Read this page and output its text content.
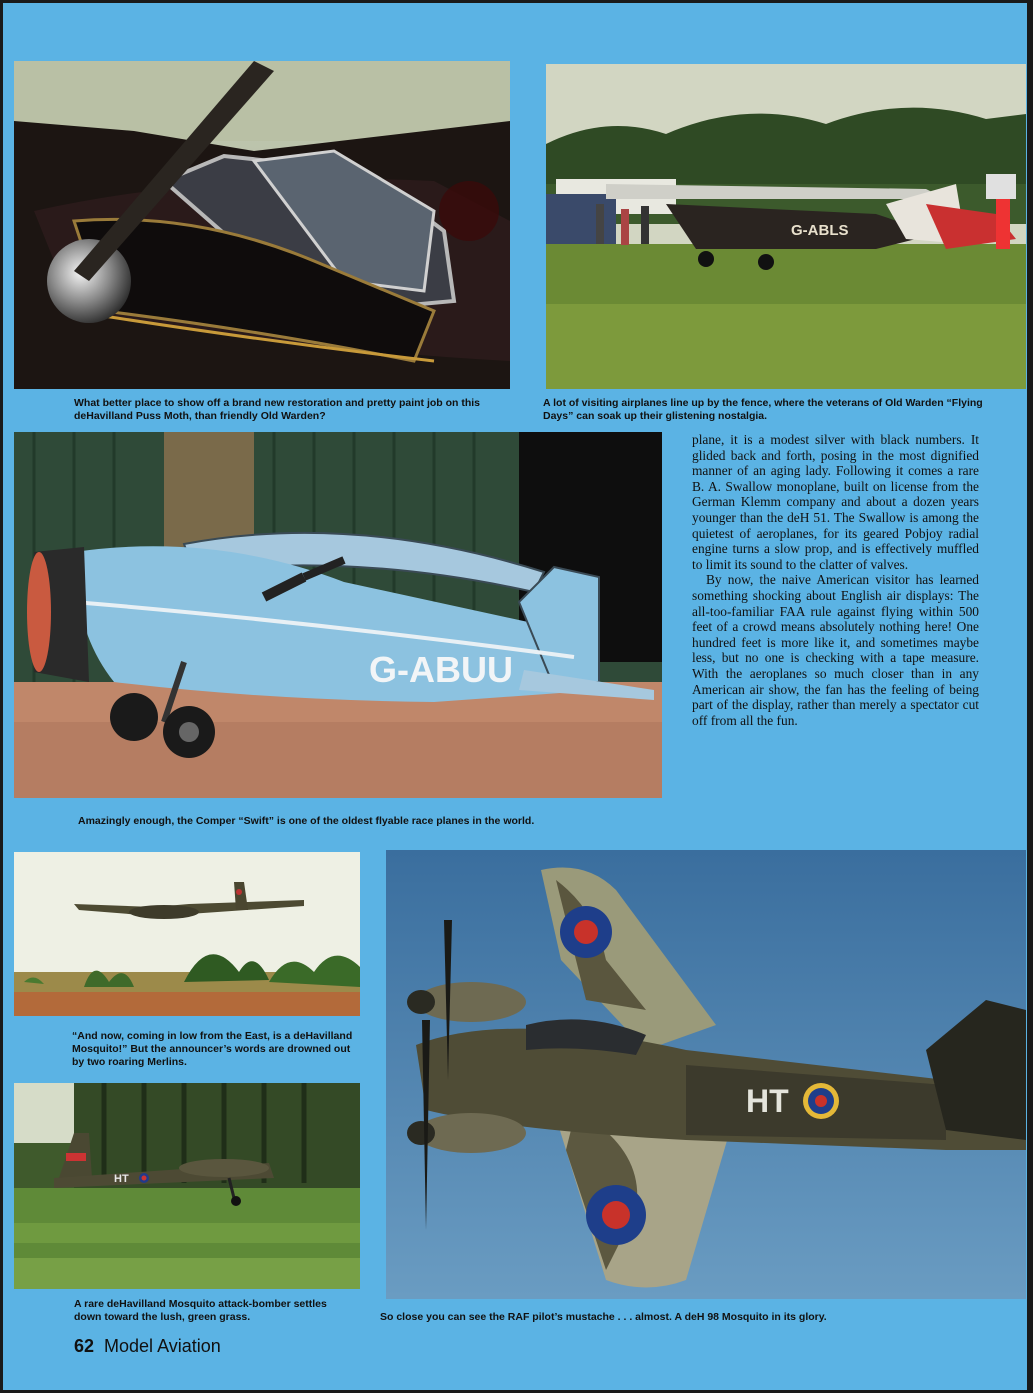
G-ABLS
What better place to show off a brand new restoration and pretty paint job on this deHavilland Puss Moth, than friendly Old Warden?
A lot of visiting airplanes line up by the fence, where the veterans of Old Warden “Flying Days” can soak up their glistening nostalgia.
G-ABUU
Amazingly enough, the Comper “Swift” is one of the oldest flyable race planes in the world.

plane, it is a modest silver with black numbers. It glided back and forth, posing in the most dignified manner of an aging lady. Following it comes a rare B. A. Swallow monoplane, built on license from the German Klemm company and about a dozen years younger than the deH 51. The Swallow is among the quietest of aeroplanes, for its geared Pobjoy radial engine turns a slow prop, and is effectively muffled to limit its sound to the clatter of valves.

By now, the naive American visitor has learned something shocking about English air displays: The all-too-familiar FAA rule against flying within 500 feet of a crowd means absolutely nothing here! One hundred feet is more like it, and sometimes maybe less, but no one is checking with a tape measure. With the aeroplanes so much closer than in any American air show, the fan has the feeling of being part of the display, rather than merely a spectator cut off from all the fun.

“And now, coming in low from the East, is a deHavilland Mosquito!” But the announcer’s words are drowned out by two roaring Merlins.
HT
A rare deHavilland Mosquito attack-bomber settles down toward the lush, green grass.
HT
So close you can see the RAF pilot’s mustache . . . almost. A deH 98 Mosquito in its glory.
62 Model Aviation
